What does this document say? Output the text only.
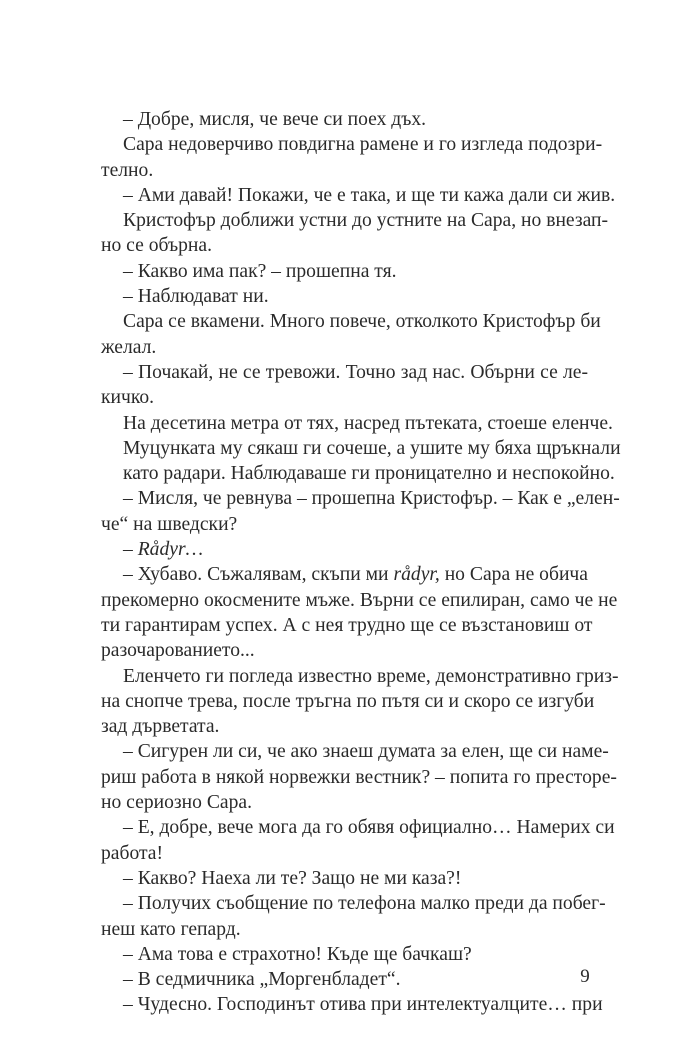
– Добре, мисля, че вече си поех дъх.
Сара недоверчиво повдигна рамене и го изгледа подозри-
телно.
– Ами давай! Покажи, че е така, и ще ти кажа дали си жив.
Кристофър доближи устни до устните на Сара, но внезап-
но се обърна.
– Какво има пак? – прошепна тя.
– Наблюдават ни.
Сара се вкамени. Много повече, отколкото Кристофър би
желал.
– Почакай, не се тревожи. Точно зад нас. Обърни се ле-
кичко.
На десетина метра от тях, насред пътеката, стоеше еленче.
Муцунката му сякаш ги сочеше, а ушите му бяха щръкнали
като радари. Наблюдаваше ги проницателно и неспокойно.
– Мисля, че ревнува – прошепна Кристофър. – Как е „елен-
че“ на шведски?
– Rådyr…
– Хубаво. Съжалявам, скъпи ми rådyr, но Сара не обича
прекомерно окосмените мъже. Върни се епилиран, само че не
ти гарантирам успех. А с нея трудно ще се възстановиш от
разочарованието...
Еленчето ги погледа известно време, демонстративно гриз-
на снопче трева, после тръгна по пътя си и скоро се изгуби
зад дърветата.
– Сигурен ли си, че ако знаеш думата за елен, ще си наме-
риш работа в някой норвежки вестник? – попита го престоре-
но сериозно Сара.
– Е, добре, вече мога да го обявя официално… Намерих си
работа!
– Какво? Наеха ли те? Защо не ми каза?!
– Получих съобщение по телефона малко преди да побег-
неш като гепард.
– Ама това е страхотно! Къде ще бачкаш?
– В седмичника „Моргенбладет“.
– Чудесно. Господинът отива при интелектуалците… при
9
